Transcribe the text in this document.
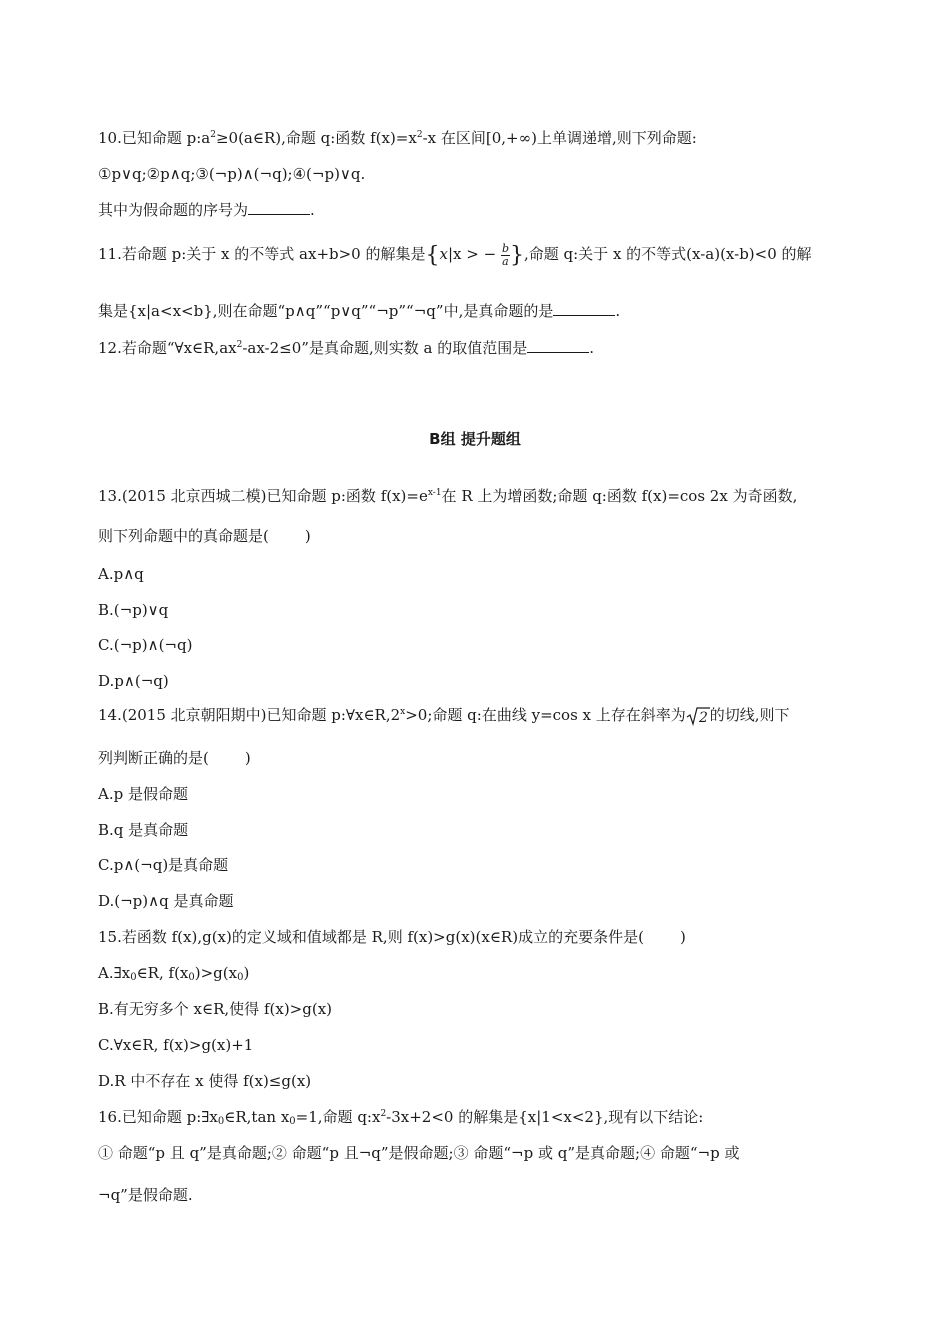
10.已知命题 $p:a^2\ge 0(a\in R)$,命题 q:函数 $f(x)=x^2-x$ 在区间[0,+∞)上单调递增,则下列命题:
①p∨q;②p∧q;③(¬p)∧(¬q);④(¬p)∨q.
其中为假命题的序号为	.
11.若命题 p:关于 x 的不等式 ax+b>0 的解集是{x|x > − $\frac{b}{a}$ },命题 q:关于 x 的不等式(x-a)(x-b)<0 的解
集是{x|a<x<b},则在命题“p∧q”“p∨q”“¬p”“¬q”中,是真命题的是	.
12.若命题“$\forall x\in R,ax^2-ax-2\le 0$”是真命题,则实数 a 的取值范围是	.
B组 提升题组
13.(2015 北京西城二模)已知命题 p:函数 $f(x)=e^{x-1}$在 R 上为增函数;命题 q:函数 f(x)=cos 2x 为奇函数,
则下列命题中的真命题是( )
A.p∧q
B.(¬p)∨q
C.(¬p)∧(¬q)
D.p∧(¬q)
14.(2015 北京朝阳期中)已知命题 $p:\forall x\in R,2^x>0$;命题 q:在曲线 y=cos x 上存在斜率为 2 的切线,则下
列判断正确的是( )
A.p 是假命题
B.q 是真命题
C.p∧(¬q)是真命题
D.(¬p)∧q 是真命题
15.若函数 f(x),g(x)的定义域和值域都是 R,则 f(x)>g(x)(x∈R)成立的充要条件是( )
$A.\exists x_0\in R$, $f(x_0)>g(x_0)$
B.有无穷多个 x∈R,使得 f(x)>g(x)
C.∀x∈R, f(x)>g(x)+1
D.R 中不存在 x 使得 f(x)≤g(x)
16.已知命题 $p:\exists x_0\in R,\tan$ $x_0=1$,命题 $q:x^2-3x+2<0$ 的解集是{x|1<x<2},现有以下结论:
① 命题“p 且 q”是真命题;② 命题“p 且¬q”是假命题;③ 命题“¬p 或 q”是真命题;④ 命题“¬p 或
¬q”是假命题.
